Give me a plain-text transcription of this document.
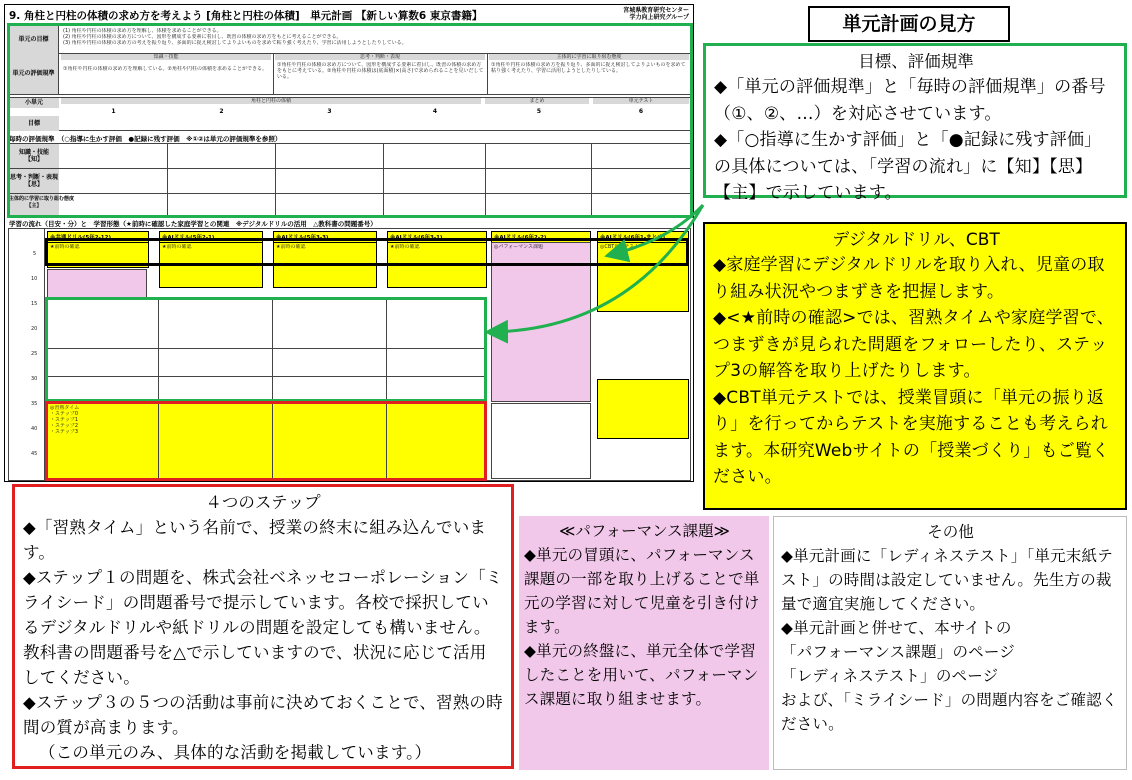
9. 角柱と円柱の体積の求め方を考えよう [角柱と円柱の体積]　単元計画 【新しい算数6 東京書籍】	宮城県教育研究センター
学力向上研究グループ
単元の目標
(1) 角柱や円柱の体積の求め方を理解し、体積を求めることができる。
(2) 角柱や円柱の体積の求め方について、図形を構成する要素に着目し、既習の体積の求め方をもとに考えることができる。
(3) 角柱や円柱の体積の求め方の考えを振り返り、多面的に捉え検討してよりよいものを求めて粘り強く考えたり、学習に活用しようとしたりしている。
単元の評価規準
知識・技能	思考・判断・表現	主体的に学習に取り組む態度
①角柱や円柱の体積の求め方を理解している。②角柱や円柱の体積を求めることができる。
①角柱や円柱の体積の求め方について、図形を構成する要素に着目し、既習の体積の求め方をもとに考えている。②角柱や円柱の体積は(底面積)×(高さ)で求められることを見いだしている。
①角柱や円柱の体積の求め方を振り返り、多面的に捉え検討してよりよいものを求めて粘り強く考えたり、学習に活用しようとしたりしている。
小単元	角柱と円柱の体積	まとめ	単元テスト
1	2	3	4	5	6
目標
毎時の評価規準　（○指導に生かす評価　●記録に残す評価　※①②は単元の評価規準を参照）
知識・技能
【知】
思考・判断・表現
【思】
主体的に学習に取り組む態度
【主】
学習の流れ（目安・分）と　学習形態（★前時に確認した家庭学習との関連　※デジタルドリルの活用　△教科書の問題番号）
5
10
15
20
25
30
35
40
45
※共通ドリル(5年2-12)	※AIドリル(5年2-1)	※AIドリル(5年3-3)	※AIドリル(6年3-1)	※AIドリル(6年2-2)	※AIドリル(6年1-まとめ)
★前時の確認	★前時の確認	★前時の確認	★前時の確認	◎パフォーマンス課題	◎CBT単元テスト
◎習熟タイム
・ステップ0
・ステップ1
・ステップ2
・ステップ3
単元計画の見方
目標、評価規準
◆「単元の評価規準」と「毎時の評価規準」の番号（①、②、…）を対応させています。
◆「○指導に生かす評価」と「●記録に残す評価」の具体については、「学習の流れ」に【知】【思】【主】で示しています。
デジタルドリル、CBT
◆家庭学習にデジタルドリルを取り入れ、児童の取り組み状況やつまずきを把握します。
◆<★前時の確認>では、習熟タイムや家庭学習で、つまずきが見られた問題をフォローしたり、ステップ3の解答を取り上げたりします。
◆CBT単元テストでは、授業冒頭に「単元の振り返り」を行ってからテストを実施することも考えられます。本研究Webサイトの「授業づくり」もご覧ください。
４つのステップ
◆「習熟タイム」という名前で、授業の終末に組み込んでいます。
◆ステップ１の問題を、株式会社ベネッセコーポレーション「ミライシード」の問題番号で提示しています。各校で採択しているデジタルドリルや紙ドリルの問題を設定しても構いません。教科書の問題番号を△で示していますので、状況に応じて活用してください。
◆ステップ３の５つの活動は事前に決めておくことで、習熟の時間の質が高まります。
（この単元のみ、具体的な活動を掲載しています。）
≪パフォーマンス課題≫
◆単元の冒頭に、パフォーマンス課題の一部を取り上げることで単元の学習に対して児童を引き付けます。
◆単元の終盤に、単元全体で学習したことを用いて、パフォーマンス課題に取り組ませます。
その他
◆単元計画に「レディネステスト」「単元末紙テスト」の時間は設定していません。先生方の裁量で適宜実施してください。
◆単元計画と併せて、本サイトの
「パフォーマンス課題」のページ
「レディネステスト」のページ
および、「ミライシード」の問題内容をご確認ください。
